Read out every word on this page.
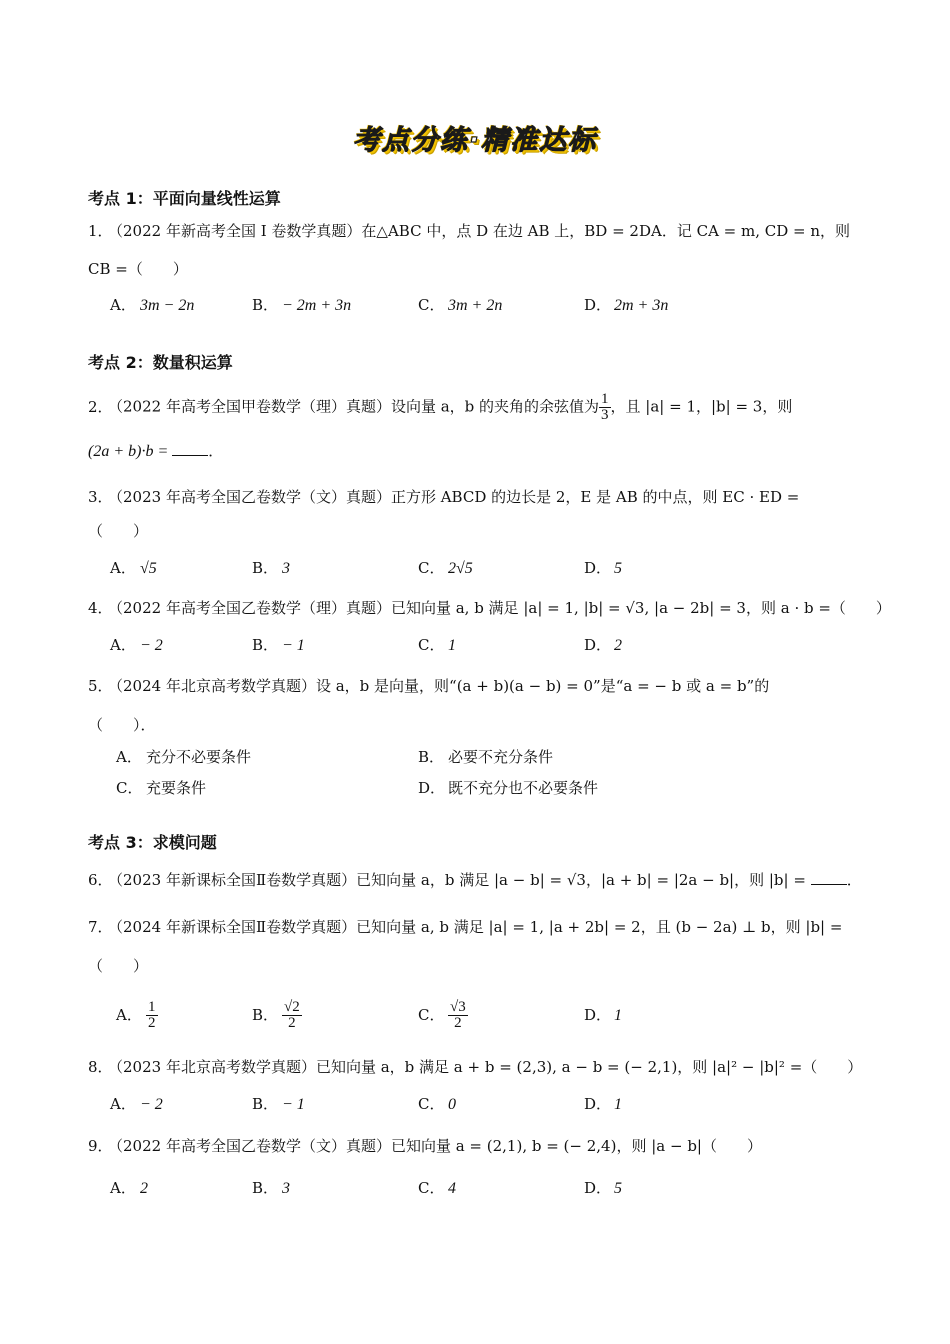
考点分练·精准达标
考点 1：平面向量线性运算
1．（2022 年新高考全国 I 卷数学真题）在△ABC 中，点 D 在边 AB 上，BD = 2DA．记 CA = m, CD = n，则
CB =（　　）
A． 3m − 2n	B． − 2m + 3n	C． 3m + 2n	D． 2m + 3n
考点 2：数量积运算
2．（2022 年高考全国甲卷数学（理）真题）设向量 a，b 的夹角的余弦值为 $\frac{1}{3}$ ，且 |a| = 1，|b| = 3，则
(2a + b)·b = ．
3．（2023 年高考全国乙卷数学（文）真题）正方形 ABCD 的边长是 2，E 是 AB 的中点，则 EC · ED =
（　　）
A． √5	B． 3	C． 2√5	D． 5
4．（2022 年高考全国乙卷数学（理）真题）已知向量 a, b 满足 |a| = 1, |b| = √3, |a − 2b| = 3，则 a · b =（　　）
A． − 2	B． − 1	C． 1	D． 2
5．（2024 年北京高考数学真题）设 a，b 是向量，则“(a + b)(a − b) = 0”是“a = − b 或 a = b”的
（　　）．
A． 充分不必要条件	B． 必要不充分条件
C． 充要条件	D． 既不充分也不必要条件
考点 3：求模问题
6．（2023 年新课标全国Ⅱ卷数学真题）已知向量 a，b 满足 |a − b| = √3，|a + b| = |2a − b|，则 |b| = ．
7．（2024 年新课标全国Ⅱ卷数学真题）已知向量 a, b 满足 |a| = 1, |a + 2b| = 2，且 (b − 2a) ⊥ b，则 |b| =
（　　）
A． $\frac{1}{2}$	B． $\frac{√2}{2}$	C． $\frac{√3}{2}$	D． 1
8．（2023 年北京高考数学真题）已知向量 a，b 满足 a + b = (2,3), a − b = (− 2,1)，则 |a|² − |b|² =（　　）
A． − 2	B． − 1	C． 0	D． 1
9．（2022 年高考全国乙卷数学（文）真题）已知向量 a = (2,1), b = (− 2,4)，则 |a − b|（　　）
A． 2	B． 3	C． 4	D． 5
